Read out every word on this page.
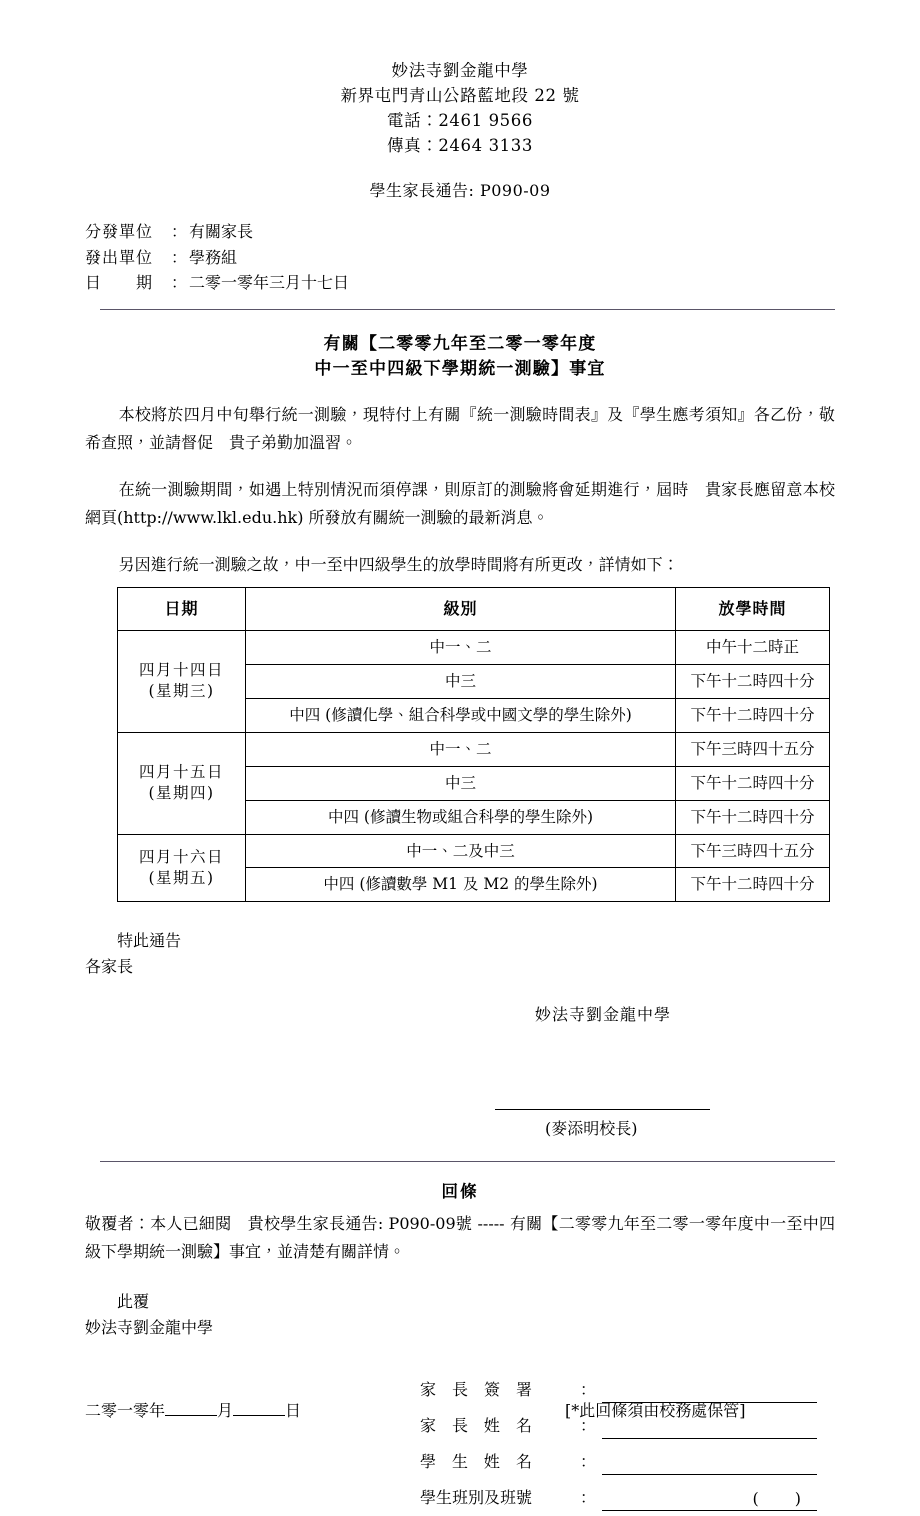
妙法寺劉金龍中學
新界屯門青山公路藍地段 22 號
電話：2461 9566
傳真：2464 3133
學生家長通告: P090-09
分發單位	： 有關家長
發出單位	： 學務組
日　　期	： 二零一零年三月十七日
有關【二零零九年至二零一零年度
中一至中四級下學期統一測驗】事宜
本校將於四月中旬舉行統一測驗，現特付上有關『統一測驗時間表』及『學生應考須知』各乙份，敬希查照，並請督促　貴子弟勤加溫習。
在統一測驗期間，如遇上特別情況而須停課，則原訂的測驗將會延期進行，屆時　貴家長應留意本校網頁(http://www.lkl.edu.hk) 所發放有關統一測驗的最新消息。
另因進行統一測驗之故，中一至中四級學生的放學時間將有所更改，詳情如下：
日期	級別	放學時間
四月十四日
(星期三)	中一、二	中午十二時正
	中三	下午十二時四十分
	中四 (修讀化學、組合科學或中國文學的學生除外)	下午十二時四十分
四月十五日
(星期四)	中一、二	下午三時四十五分
	中三	下午十二時四十分
	中四 (修讀生物或組合科學的學生除外)	下午十二時四十分
四月十六日
(星期五)	中一、二及中三	下午三時四十五分
	中四 (修讀數學 M1 及 M2 的學生除外)	下午十二時四十分
特此通告
各家長
妙法寺劉金龍中學
(麥添明校長)
回條
敬覆者：本人已細閱　貴校學生家長通告: P090-09號 ----- 有關【二零零九年至二零一零年度中一至中四級下學期統一測驗】事宜，並清楚有關詳情。
此覆
妙法寺劉金龍中學
家　長　簽　署	：
家　長　姓　名	：
學　生　姓　名	：
學生班別及班號	：	(　)
二零一零年	月	日	[*此回條須由校務處保管]
